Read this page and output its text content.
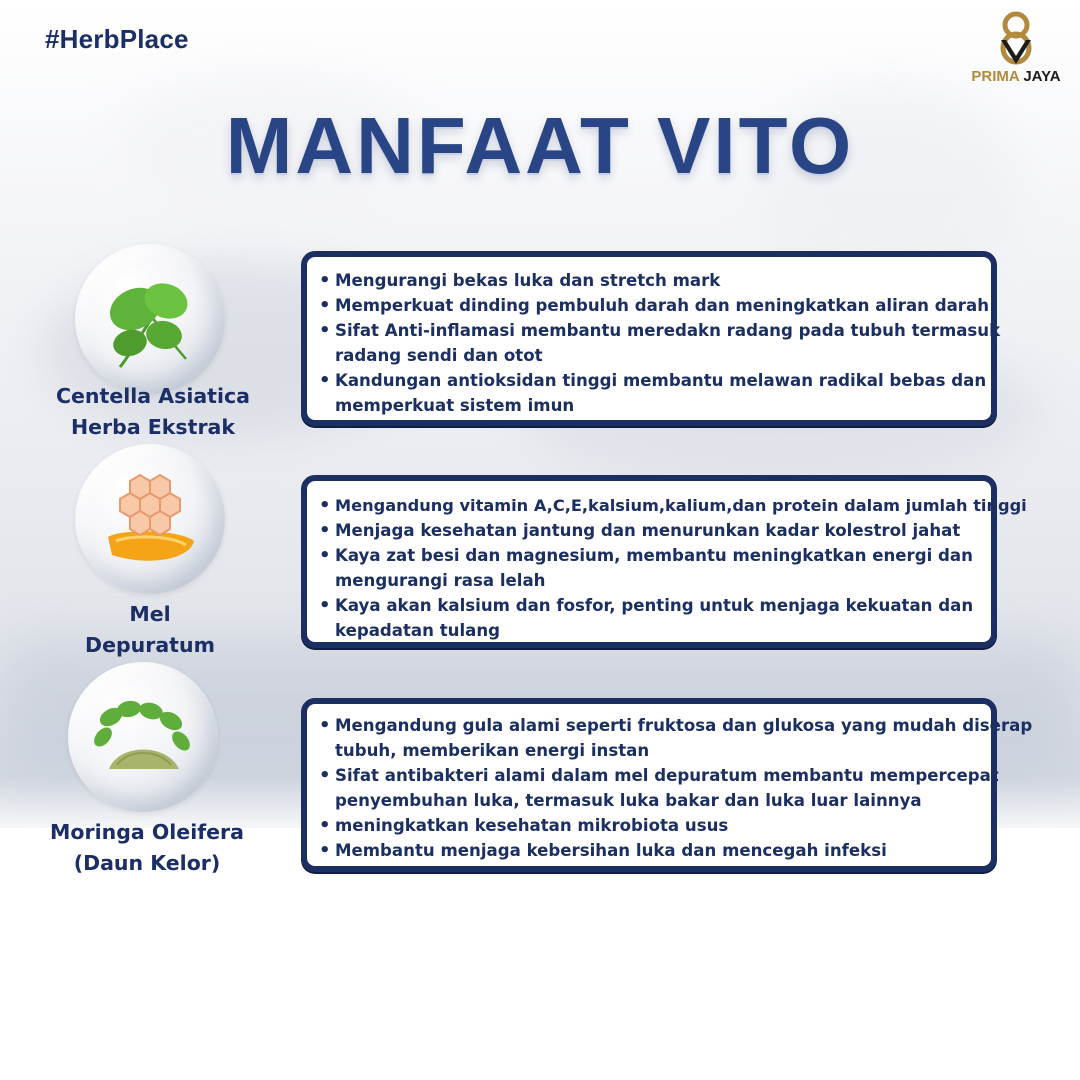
#HerbPlace
PRIMA JAYA
MANFAAT VITO
Centella Asiatica
Herba Ekstrak
• Mengurangi bekas luka dan stretch mark
• Memperkuat dinding pembuluh darah dan meningkatkan aliran darah
• Sifat Anti-inflamasi membantu meredakn radang pada tubuh termasuk
radang sendi dan otot
• Kandungan antioksidan tinggi membantu melawan radikal bebas dan
memperkuat sistem imun
Mel
Depuratum
• Mengandung vitamin A,C,E,kalsium,kalium,dan protein dalam jumlah tinggi
• Menjaga kesehatan jantung dan menurunkan kadar kolestrol jahat
• Kaya zat besi dan magnesium, membantu meningkatkan energi dan
mengurangi rasa lelah
• Kaya akan kalsium dan fosfor, penting untuk menjaga kekuatan dan
kepadatan tulang
Moringa Oleifera
(Daun Kelor)
• Mengandung gula alami seperti fruktosa dan glukosa yang mudah diserap
tubuh, memberikan energi instan
• Sifat antibakteri alami dalam mel depuratum membantu mempercepat
penyembuhan luka, termasuk luka bakar dan luka luar lainnya
• meningkatkan kesehatan mikrobiota usus
• Membantu menjaga kebersihan luka dan mencegah infeksi
